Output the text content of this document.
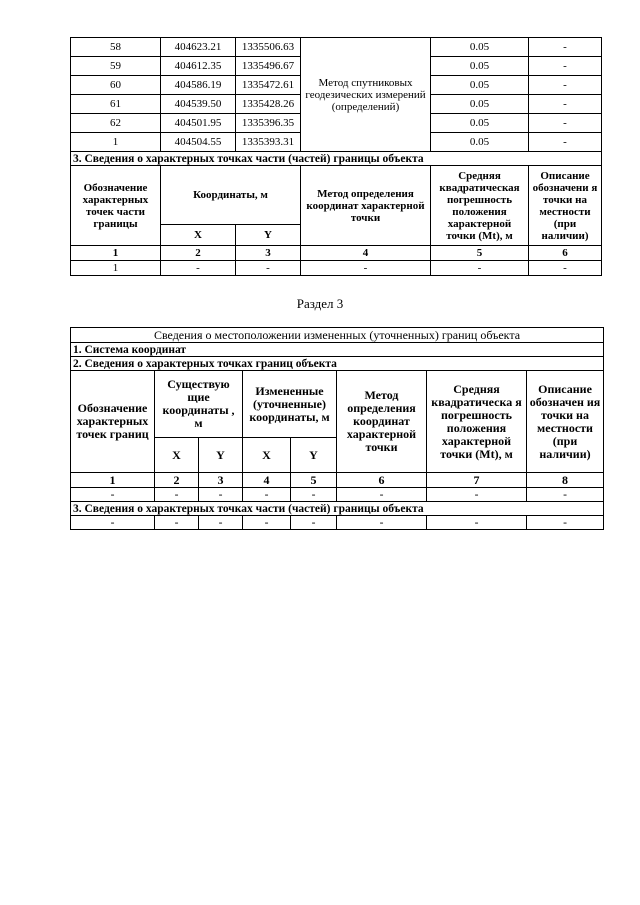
58	404623.21	1335506.63	Метод спутниковых геодезических измерений (определений)	0.05	-
59	404612.35	1335496.67		0.05	-
60	404586.19	1335472.61		0.05	-
61	404539.50	1335428.26		0.05	-
62	404501.95	1335396.35		0.05	-
1	404504.55	1335393.31		0.05	-
3. Сведения о характерных точках части (частей) границы объекта					
Обозначение характерных точек части границы	Координаты, м		Метод определения координат характерной точки	Средняя квадратическая погрешность положения характерной точки (Mt), м	Описание обозначени я точки на местности (при наличии)
	X	Y			
1	2	3	4	5	6
1	-	-	-	-	-
Раздел 3
Сведения о местоположении измененных (уточненных) границ объекта							
1. Система координат							
2. Сведения о характерных точках границ объекта							
Обозначение характерных точек границ	Существую щие координаты , м		Измененные (уточненные) координаты, м		Метод определения координат характерной точки	Средняя квадратическа я погрешность положения характерной точки (Mt), м	Описание обозначен ия точки на местности (при наличии)
	X	Y	X	Y			
1	2	3	4	5	6	7	8
-	-	-	-	-	-	-	-
3. Сведения о характерных точках части (частей) границы объекта							
-	-	-	-	-	-	-	-
